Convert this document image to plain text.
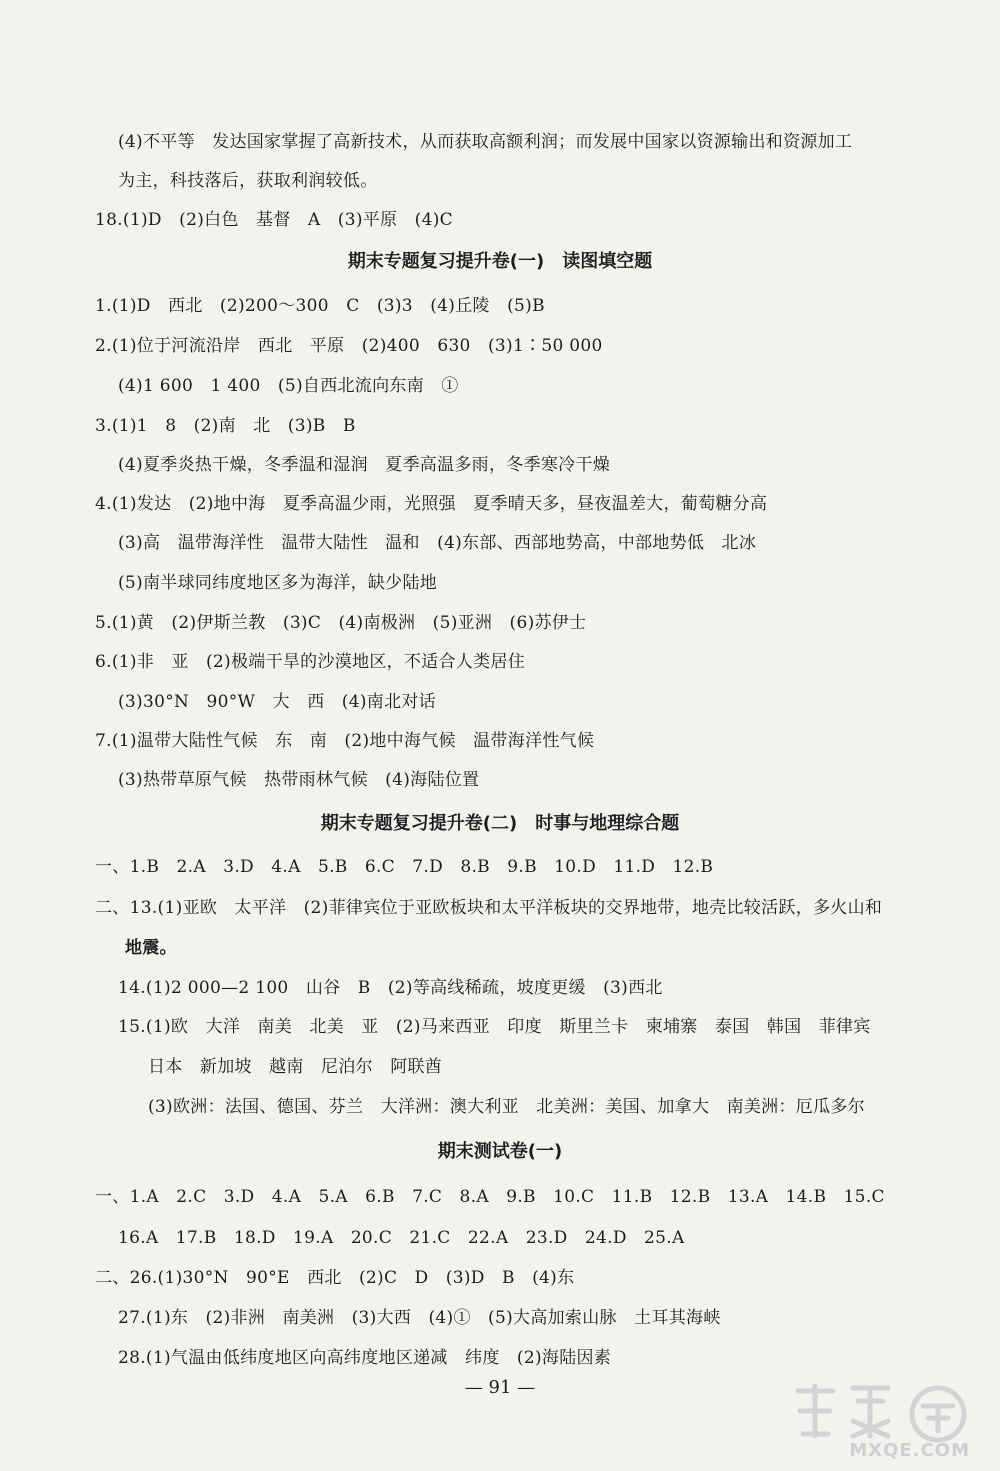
(4)不平等　发达国家掌握了高新技术，从而获取高额利润；而发展中国家以资源输出和资源加工
为主，科技落后，获取利润较低。
18.(1)D　(2)白色　基督　A　(3)平原　(4)C
期末专题复习提升卷(一)　读图填空题
1.(1)D　西北　(2)200～300　C　(3)3　(4)丘陵　(5)B
2.(1)位于河流沿岸　西北　平原　(2)400　630　(3)1∶50 000
(4)1 600　1 400　(5)自西北流向东南　①
3.(1)1　8　(2)南　北　(3)B　B
(4)夏季炎热干燥，冬季温和湿润　夏季高温多雨，冬季寒冷干燥
4.(1)发达　(2)地中海　夏季高温少雨，光照强　夏季晴天多，昼夜温差大，葡萄糖分高
(3)高　温带海洋性　温带大陆性　温和　(4)东部、西部地势高，中部地势低　北冰
(5)南半球同纬度地区多为海洋，缺少陆地
5.(1)黄　(2)伊斯兰教　(3)C　(4)南极洲　(5)亚洲　(6)苏伊士
6.(1)非　亚　(2)极端干旱的沙漠地区，不适合人类居住
(3)30°N　90°W　大　西　(4)南北对话
7.(1)温带大陆性气候　东　南　(2)地中海气候　温带海洋性气候
(3)热带草原气候　热带雨林气候　(4)海陆位置
期末专题复习提升卷(二)　时事与地理综合题
一、1.B　2.A　3.D　4.A　5.B　6.C　7.D　8.B　9.B　10.D　11.D　12.B
二、13.(1)亚欧　太平洋　(2)菲律宾位于亚欧板块和太平洋板块的交界地带，地壳比较活跃，多火山和
地震。
14.(1)2 000—2 100　山谷　B　(2)等高线稀疏，坡度更缓　(3)西北
15.(1)欧　大洋　南美　北美　亚　(2)马来西亚　印度　斯里兰卡　柬埔寨　泰国　韩国　菲律宾
日本　新加坡　越南　尼泊尔　阿联酋
(3)欧洲：法国、德国、芬兰　大洋洲：澳大利亚　北美洲：美国、加拿大　南美洲：厄瓜多尔
期末测试卷(一)
一、1.A　2.C　3.D　4.A　5.A　6.B　7.C　8.A　9.B　10.C　11.B　12.B　13.A　14.B　15.C
16.A　17.B　18.D　19.A　20.C　21.C　22.A　23.D　24.D　25.A
二、26.(1)30°N　90°E　西北　(2)C　D　(3)D　B　(4)东
27.(1)东　(2)非洲　南美洲　(3)大西　(4)①　(5)大高加索山脉　土耳其海峡
28.(1)气温由低纬度地区向高纬度地区递减　纬度　(2)海陆因素
— 91 —
MXQE.COM
